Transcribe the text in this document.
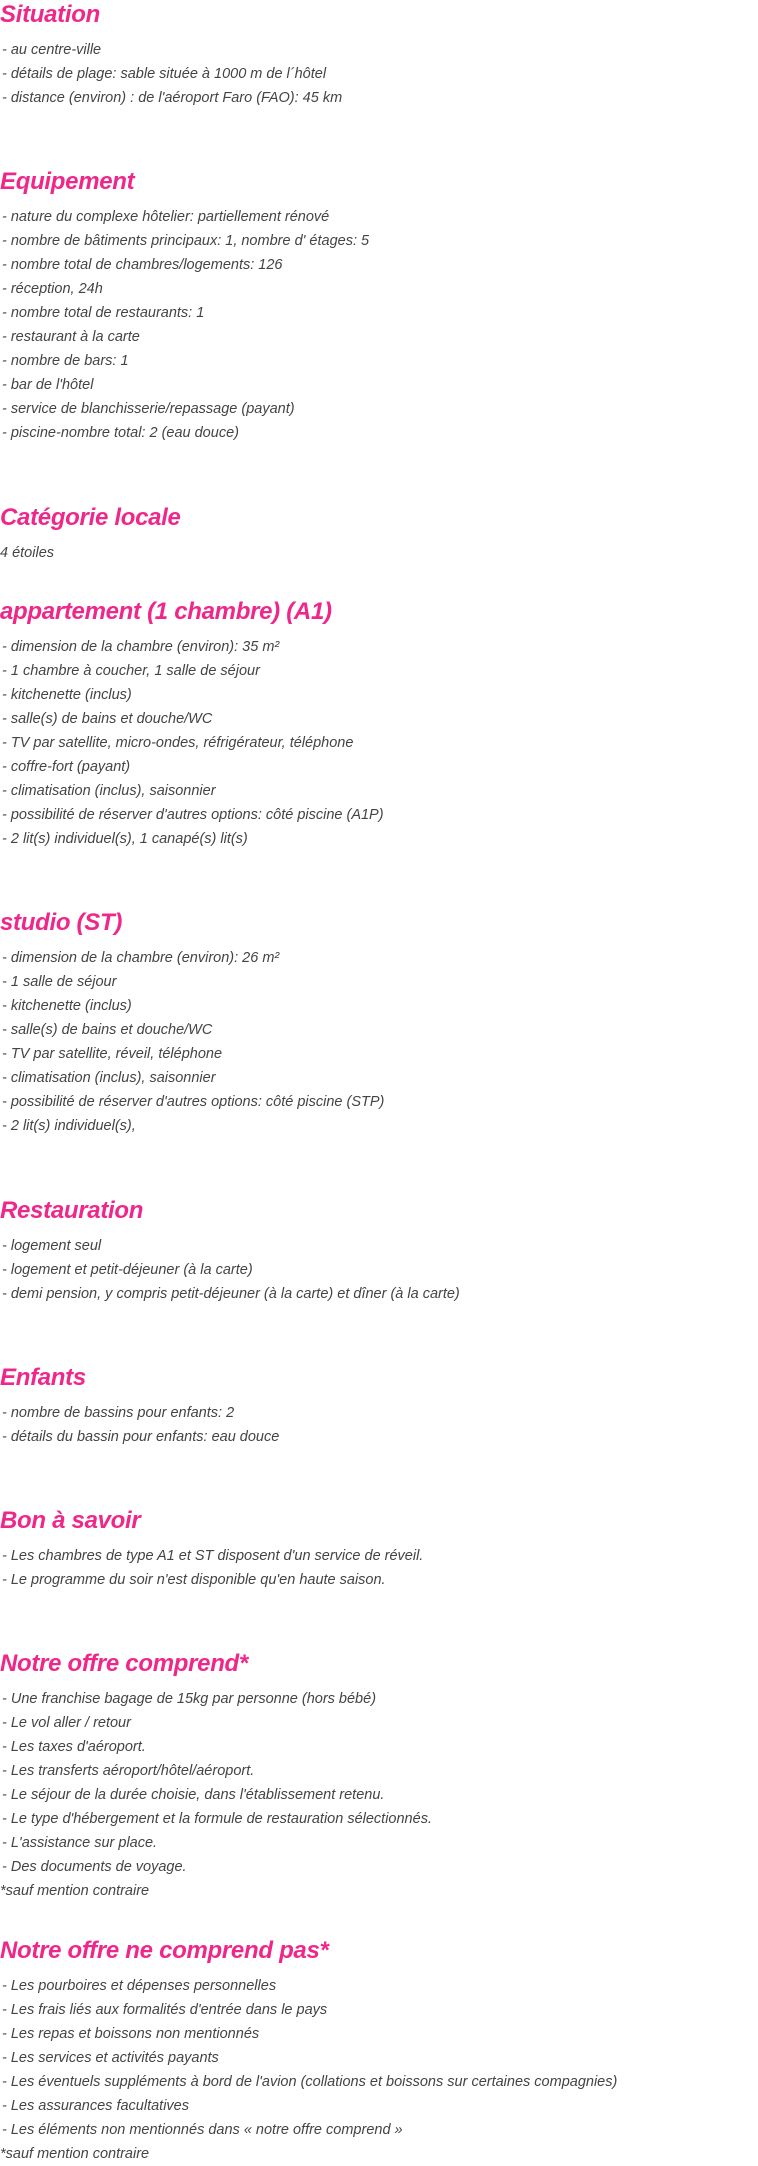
Situation
- au centre-ville
- détails de plage: sable située à 1000 m de l´hôtel
- distance (environ) : de l'aéroport Faro (FAO): 45 km
Equipement
- nature du complexe hôtelier: partiellement rénové
- nombre de bâtiments principaux: 1, nombre d' étages: 5
- nombre total de chambres/logements: 126
- réception, 24h
- nombre total de restaurants: 1
- restaurant à la carte
- nombre de bars: 1
- bar de l'hôtel
- service de blanchisserie/repassage (payant)
- piscine-nombre total: 2 (eau douce)
Catégorie locale
4 étoiles
appartement (1 chambre) (A1)
- dimension de la chambre (environ): 35 m²
- 1 chambre à coucher, 1 salle de séjour
- kitchenette (inclus)
- salle(s) de bains et douche/WC
- TV par satellite, micro-ondes, réfrigérateur, téléphone
- coffre-fort (payant)
- climatisation (inclus), saisonnier
- possibilité de réserver d'autres options: côté piscine (A1P)
- 2 lit(s) individuel(s), 1 canapé(s) lit(s)
studio (ST)
- dimension de la chambre (environ): 26 m²
- 1 salle de séjour
- kitchenette (inclus)
- salle(s) de bains et douche/WC
- TV par satellite, réveil, téléphone
- climatisation (inclus), saisonnier
- possibilité de réserver d'autres options: côté piscine (STP)
- 2 lit(s) individuel(s),
Restauration
- logement seul
- logement et petit-déjeuner (à la carte)
- demi pension, y compris petit-déjeuner (à la carte) et dîner (à la carte)
Enfants
- nombre de bassins pour enfants: 2
- détails du bassin pour enfants: eau douce
Bon à savoir
- Les chambres de type A1 et ST disposent d'un service de réveil.
- Le programme du soir n'est disponible qu'en haute saison.
Notre offre comprend*
- Une franchise bagage de 15kg par personne (hors bébé)
- Le vol aller / retour
- Les taxes d'aéroport.
- Les transferts aéroport/hôtel/aéroport.
- Le séjour de la durée choisie, dans l'établissement retenu.
- Le type d'hébergement et la formule de restauration sélectionnés.
- L'assistance sur place.
- Des documents de voyage.
*sauf mention contraire
Notre offre ne comprend pas*
- Les pourboires et dépenses personnelles
- Les frais liés aux formalités d'entrée dans le pays
- Les repas et boissons non mentionnés
- Les services et activités payants
- Les éventuels suppléments à bord de l'avion (collations et boissons sur certaines compagnies)
- Les assurances facultatives
- Les éléments non mentionnés dans « notre offre comprend »
*sauf mention contraire
